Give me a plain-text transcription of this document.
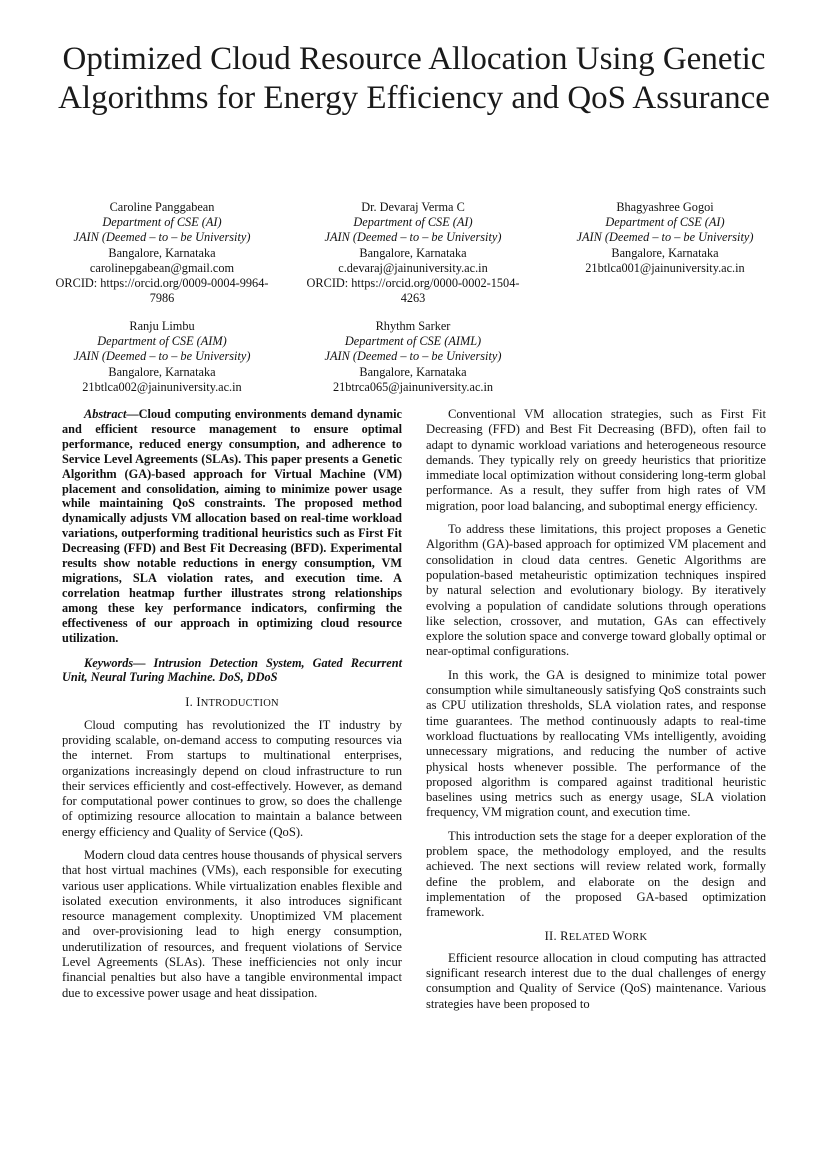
Optimized Cloud Resource Allocation Using Genetic Algorithms for Energy Efficiency and QoS Assurance
Caroline Panggabean
Department of CSE (AI)
JAIN (Deemed – to – be University)
Bangalore, Karnataka
carolinepgabean@gmail.com
ORCID: https://orcid.org/0009-0004-9964-7986
Dr. Devaraj Verma C
Department of CSE (AI)
JAIN (Deemed – to – be University)
Bangalore, Karnataka
c.devaraj@jainuniversity.ac.in
ORCID: https://orcid.org/0000-0002-1504-4263
Bhagyashree Gogoi
Department of CSE (AI)
JAIN (Deemed – to – be University)
Bangalore, Karnataka
21btlca001@jainuniversity.ac.in
Ranju Limbu
Department of CSE (AIM)
JAIN (Deemed – to – be University)
Bangalore, Karnataka
21btlca002@jainuniversity.ac.in
Rhythm Sarker
Department of CSE (AIML)
JAIN (Deemed – to – be University)
Bangalore, Karnataka
21btrca065@jainuniversity.ac.in

Abstract—Cloud computing environments demand dynamic and efficient resource management to ensure optimal performance, reduced energy consumption, and adherence to Service Level Agreements (SLAs). This paper presents a Genetic Algorithm (GA)-based approach for Virtual Machine (VM) placement and consolidation, aiming to minimize power usage while maintaining QoS constraints. The proposed method dynamically adjusts VM allocation based on real-time workload variations, outperforming traditional heuristics such as First Fit Decreasing (FFD) and Best Fit Decreasing (BFD). Experimental results show notable reductions in energy consumption, VM migrations, SLA violation rates, and execution time. A correlation heatmap further illustrates strong relationships among these key performance indicators, confirming the effectiveness of our approach in optimizing cloud resource utilization.

Keywords— Intrusion Detection System, Gated Recurrent Unit, Neural Turing Machine. DoS, DDoS

I. INTRODUCTION

Cloud computing has revolutionized the IT industry by providing scalable, on-demand access to computing resources via the internet. From startups to multinational enterprises, organizations increasingly depend on cloud infrastructure to run their services efficiently and cost-effectively. However, as demand for computational power continues to grow, so does the challenge of optimizing resource allocation to maintain a balance between energy efficiency and Quality of Service (QoS).

Modern cloud data centres house thousands of physical servers that host virtual machines (VMs), each responsible for executing various user applications. While virtualization enables flexible and isolated execution environments, it also introduces significant resource management complexity. Unoptimized VM placement and over-provisioning lead to high energy consumption, underutilization of resources, and frequent violations of Service Level Agreements (SLAs). These inefficiencies not only incur financial penalties but also have a tangible environmental impact due to excessive power usage and heat dissipation.

Conventional VM allocation strategies, such as First Fit Decreasing (FFD) and Best Fit Decreasing (BFD), often fail to adapt to dynamic workload variations and heterogeneous resource demands. They typically rely on greedy heuristics that prioritize immediate local optimization without considering long-term global performance. As a result, they suffer from high rates of VM migration, poor load balancing, and suboptimal energy efficiency.

To address these limitations, this project proposes a Genetic Algorithm (GA)-based approach for optimized VM placement and consolidation in cloud data centres. Genetic Algorithms are population-based metaheuristic optimization techniques inspired by natural selection and evolutionary biology. By iteratively evolving a population of candidate solutions through operations like selection, crossover, and mutation, GAs can effectively explore the solution space and converge toward globally optimal or near-optimal configurations.

In this work, the GA is designed to minimize total power consumption while simultaneously satisfying QoS constraints such as CPU utilization thresholds, SLA violation rates, and response time guarantees. The method continuously adapts to real-time workload fluctuations by reallocating VMs intelligently, avoiding unnecessary migrations, and reducing the number of active physical hosts whenever possible. The performance of the proposed algorithm is compared against traditional heuristic baselines using metrics such as energy usage, SLA violation frequency, VM migration count, and execution time.

This introduction sets the stage for a deeper exploration of the problem space, the methodology employed, and the results achieved. The next sections will review related work, formally define the problem, and elaborate on the design and implementation of the proposed GA-based optimization framework.

II. RELATED WORK

Efficient resource allocation in cloud computing has attracted significant research interest due to the dual challenges of energy consumption and Quality of Service (QoS) maintenance. Various strategies have been proposed to
